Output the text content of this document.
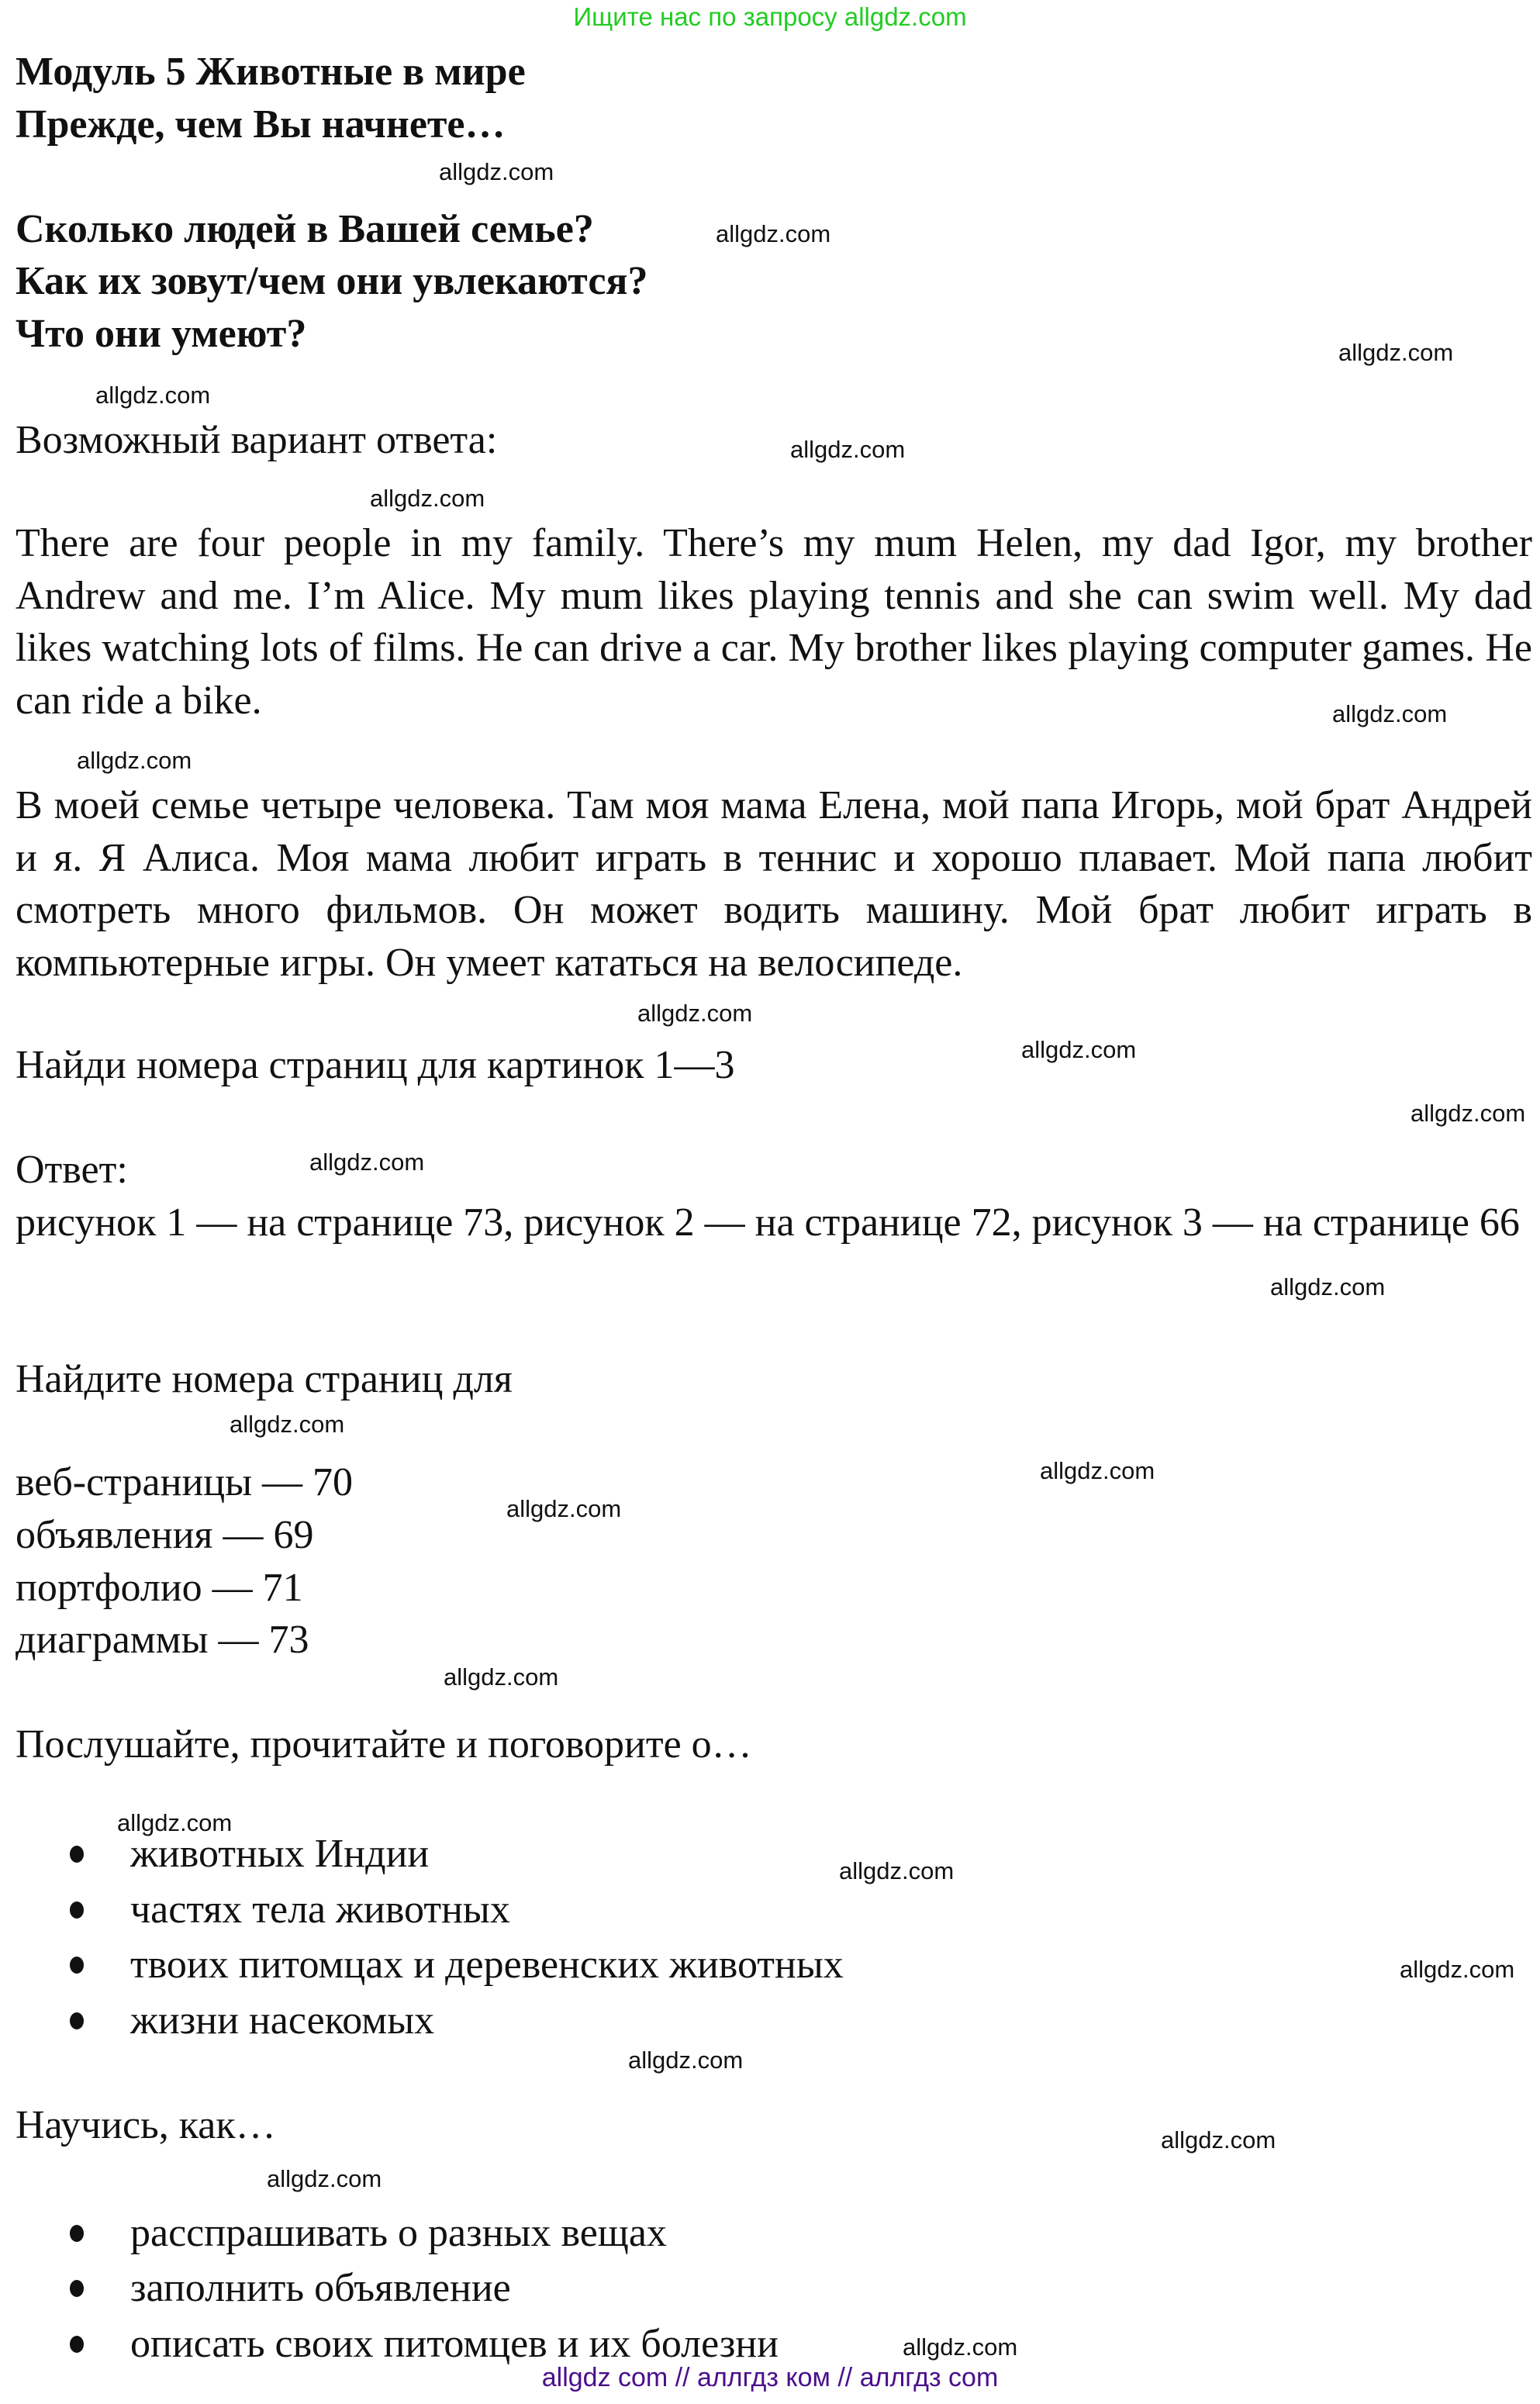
Ищите нас по запросу allgdz.com
Модуль 5 Животные в мире
Прежде, чем Вы начнете…
Сколько людей в Вашей семье?
Как их зовут/чем они увлекаются?
Что они умеют?
Возможный вариант ответа:
There are four people in my family. There’s my mum Helen, my dad Igor, my brother Andrew and me. I’m Alice. My mum likes playing tennis and she can swim well. My dad likes watching lots of films. He can drive a car. My brother likes playing computer games. He can ride a bike.
В моей семье четыре человека. Там моя мама Елена, мой папа Игорь, мой брат Андрей и я. Я Алиса. Моя мама любит играть в теннис и хорошо плавает. Мой папа любит смотреть много фильмов. Он может водить машину. Мой брат любит играть в компьютерные игры. Он умеет кататься на велосипеде.
Найди номера страниц для картинок 1—3
Ответ:
рисунок 1 — на странице 73, рисунок 2 — на странице 72, рисунок 3 — на странице 66
Найдите номера страниц для
веб-страницы — 70
объявления — 69
портфолио — 71
диаграммы — 73
Послушайте, прочитайте и поговорите о…
животных Индии
частях тела животных
твоих питомцах и деревенских животных
жизни насекомых
Научись, как…
расспрашивать о разных вещах
заполнить объявление
описать своих питомцев и их болезни
allgdz.com
allgdz.com
allgdz.com
allgdz.com
allgdz.com
allgdz.com
allgdz.com
allgdz.com
allgdz.com
allgdz.com
allgdz.com
allgdz.com
allgdz.com
allgdz.com
allgdz.com
allgdz.com
allgdz.com
allgdz.com
allgdz.com
allgdz.com
allgdz.com
allgdz.com
allgdz.com
allgdz.com
allgdz com // аллгдз ком // аллгдз com
